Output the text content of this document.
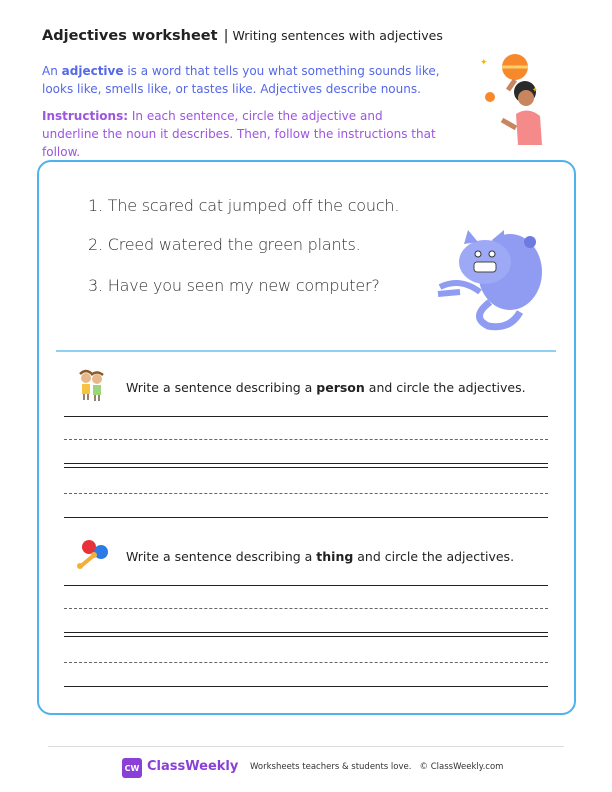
Adjectives worksheet | Writing sentences with adjectives
An adjective is a word that tells you what something sounds like, looks like, smells like, or tastes like. Adjectives describe nouns.
Instructions: In each sentence, circle the adjective and underline the noun it describes. Then, follow the instructions that follow.
✦
✦
1. The scared cat jumped off the couch.
2. Creed watered the green plants.
3. Have you seen my new computer?
Write a sentence describing a person and circle the adjectives.
Write a sentence describing a thing and circle the adjectives.
CW ClassWeekly Worksheets teachers & students love. © ClassWeekly.com
